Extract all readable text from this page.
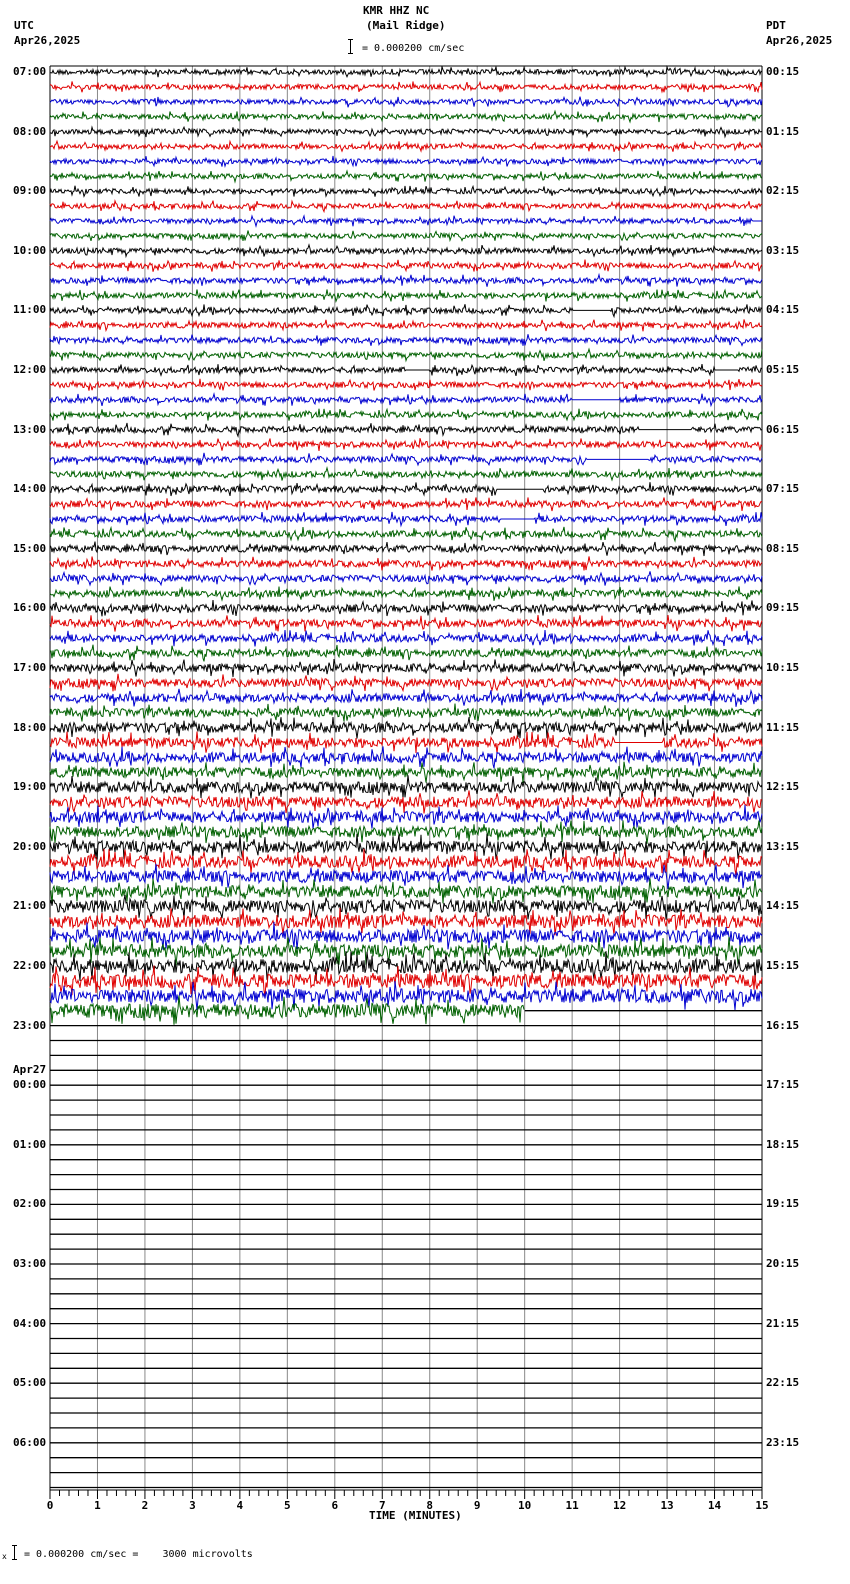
KMR HHZ NC
(Mail Ridge)
UTC
Apr26,2025
PDT
Apr26,2025
= 0.000200 cm/sec
0	1	2	3	4	5	6	7	8	9	10	11	12	13	14	15
07:00
08:00
09:00
10:00
11:00
12:00
13:00
14:00
15:00
16:00
17:00
18:00
19:00
20:00
21:00
22:00
23:00
00:00
Apr27
01:00
02:00
03:00
04:00
05:00
06:00
00:15
01:15
02:15
03:15
04:15
05:15
06:15
07:15
08:15
09:15
10:15
11:15
12:15
13:15
14:15
15:15
16:15
17:15
18:15
19:15
20:15
21:15
22:15
23:15
TIME (MINUTES)
x = 0.000200 cm/sec =    3000 microvolts
